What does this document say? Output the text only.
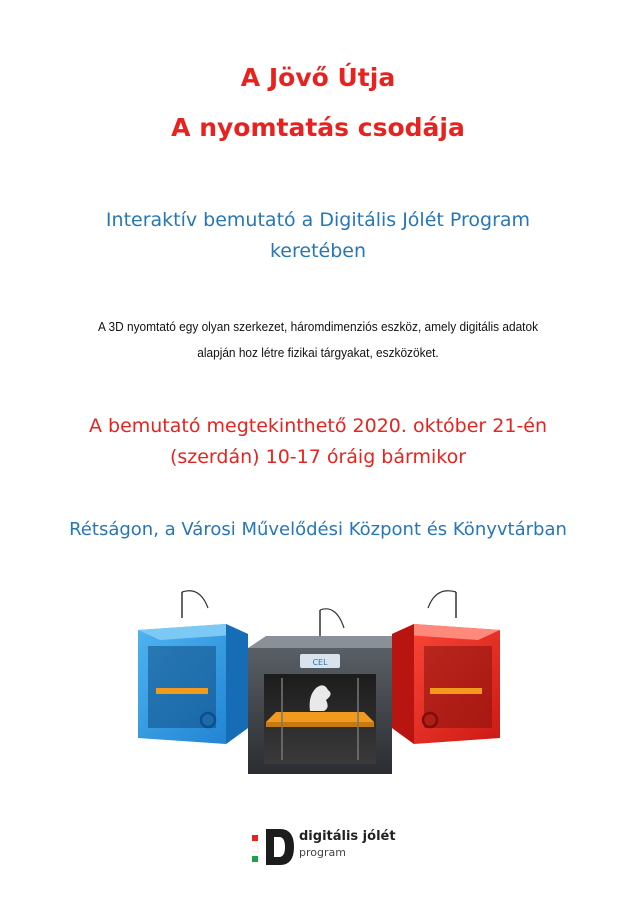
A Jövő Útja
A nyomtatás csodája
Interaktív bemutató a Digitális Jólét Program
keretében
A 3D nyomtató egy olyan szerkezet, háromdimenziós eszköz, amely digitális adatok
alapján hoz létre fizikai tárgyakat, eszközöket.
A bemutató megtekinthető 2020. október 21-én
(szerdán) 10-17 óráig bármikor
Rétságon, a Városi Művelődési Központ és Könyvtárban
CEL
digitális jólét
program
